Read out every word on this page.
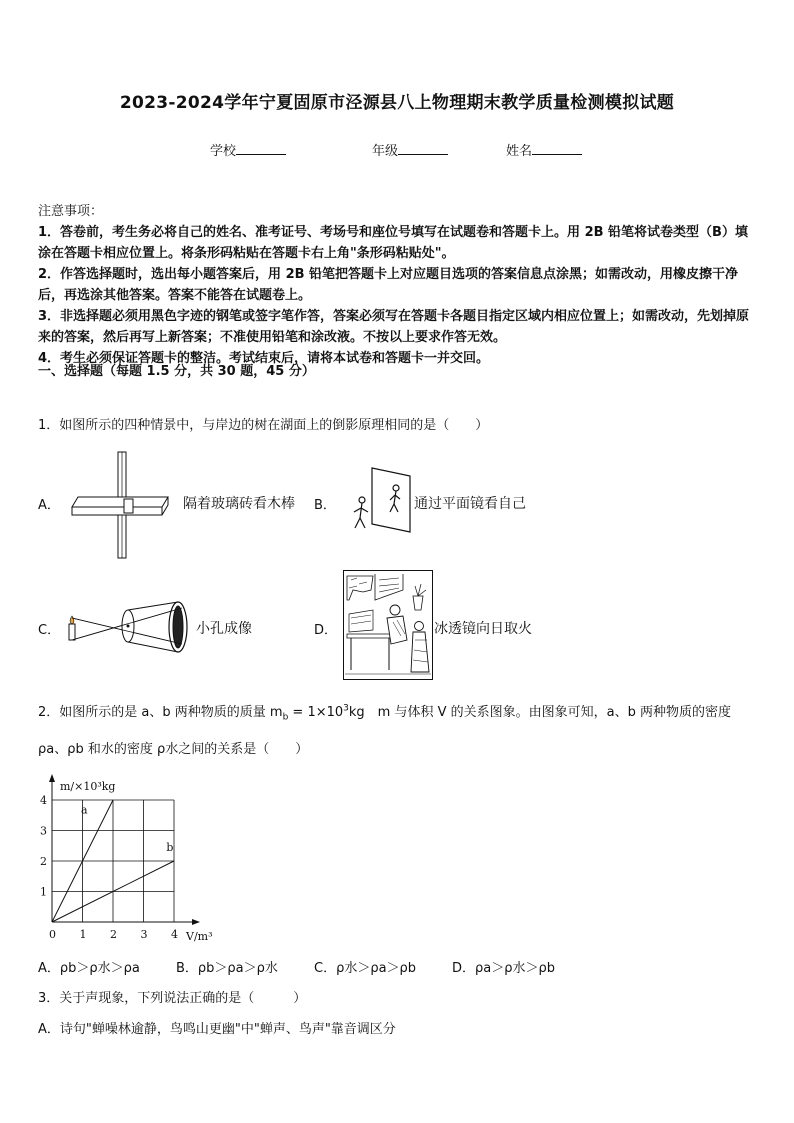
2023-2024学年宁夏固原市泾源县八上物理期末教学质量检测模拟试题
学校	年级	姓名

注意事项：

1．答卷前，考生务必将自己的姓名、准考证号、考场号和座位号填写在试题卷和答题卡上。用 2B 铅笔将试卷类型（B）填涂在答题卡相应位置上。将条形码粘贴在答题卡右上角"条形码粘贴处"。

2．作答选择题时，选出每小题答案后，用 2B 铅笔把答题卡上对应题目选项的答案信息点涂黑；如需改动，用橡皮擦干净后，再选涂其他答案。答案不能答在试题卷上。

3．非选择题必须用黑色字迹的钢笔或签字笔作答，答案必须写在答题卡各题目指定区域内相应位置上；如需改动，先划掉原来的答案，然后再写上新答案；不准使用铅笔和涂改液。不按以上要求作答无效。

4．考生必须保证答题卡的整洁。考试结束后，请将本试卷和答题卡一并交回。

一、选择题（每题 1.5 分，共 30 题，45 分）
1．如图所示的四种情景中，与岸边的树在湖面上的倒影原理相同的是（　　）
A．	隔着玻璃砖看木棒 B．	通过平面镜看自己
C．	小孔成像	D．	冰透镜向日取火
2．如图所示的是 a、b 两种物质的质量 $m_b = 1\times 10^3kg$　m 与体积 V 的关系图象。由图象可知，a、b 两种物质的密度
ρa、ρb 和水的密度 ρ水之间的关系是（　　）
a
b
0 1 2 3 4
1
2
3
4
m/×10³kg
V/m³
A．ρb＞ρ水＞ρa	B．ρb＞ρa＞ρ水	C．ρ水＞ρa＞ρb	D．ρa＞ρ水＞ρb
3．关于声现象，下列说法正确的是（　　　）
A．诗句"蝉噪林逾静，鸟鸣山更幽"中"蝉声、鸟声"靠音调区分
